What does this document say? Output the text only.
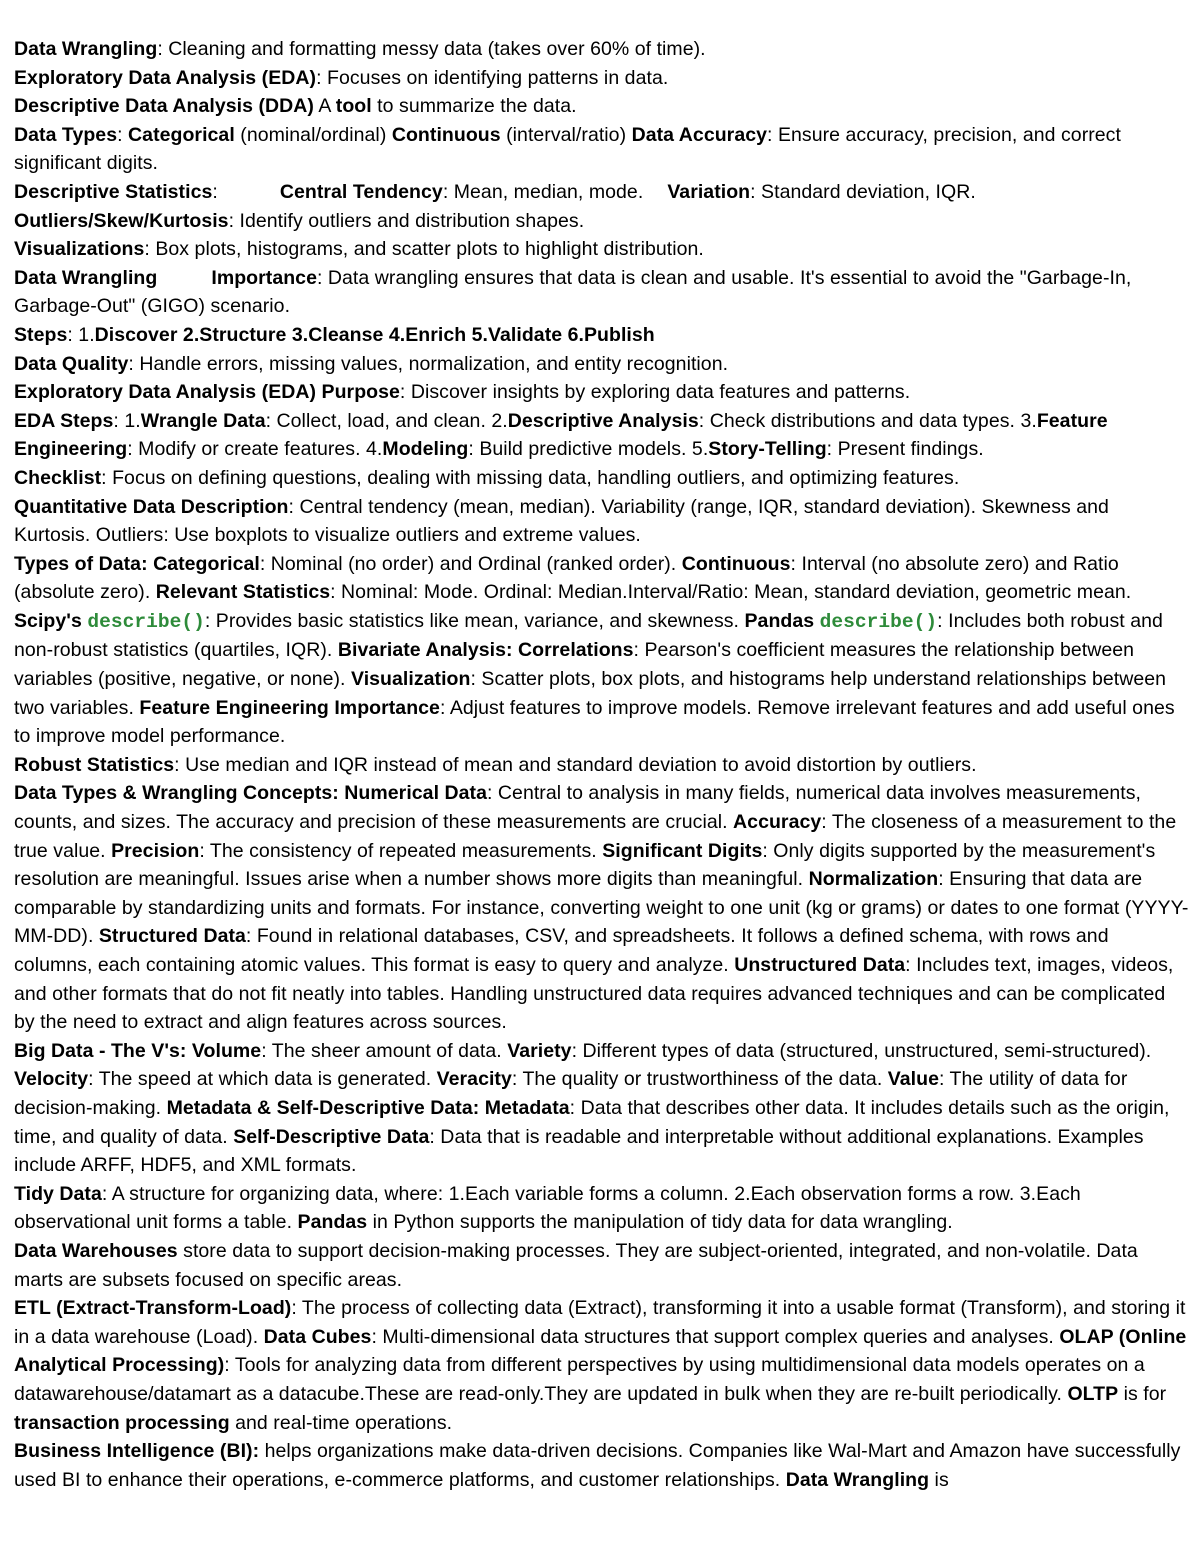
Data Wrangling: Cleaning and formatting messy data (takes over 60% of time).
Exploratory Data Analysis (EDA): Focuses on identifying patterns in data.
Descriptive Data Analysis (DDA) A tool to summarize the data.
Data Types: Categorical (nominal/ordinal) Continuous (interval/ratio) Data Accuracy: Ensure accuracy, precision, and correct significant digits.
Descriptive Statistics:	Central Tendency: Mean, median, mode. Variation: Standard deviation, IQR.
Outliers/Skew/Kurtosis: Identify outliers and distribution shapes.
Visualizations: Box plots, histograms, and scatter plots to highlight distribution.
Data Wrangling	Importance: Data wrangling ensures that data is clean and usable. It's essential to avoid the "Garbage-In, Garbage-Out" (GIGO) scenario.
Steps: 1.Discover 2.Structure 3.Cleanse 4.Enrich 5.Validate 6.Publish
Data Quality: Handle errors, missing values, normalization, and entity recognition.
Exploratory Data Analysis (EDA) Purpose: Discover insights by exploring data features and patterns.
EDA Steps: 1.Wrangle Data: Collect, load, and clean. 2.Descriptive Analysis: Check distributions and data types. 3.Feature Engineering: Modify or create features. 4.Modeling: Build predictive models. 5.Story-Telling: Present findings.
Checklist: Focus on defining questions, dealing with missing data, handling outliers, and optimizing features.
Quantitative Data Description: Central tendency (mean, median). Variability (range, IQR, standard deviation). Skewness and Kurtosis. Outliers: Use boxplots to visualize outliers and extreme values.
Types of Data: Categorical: Nominal (no order) and Ordinal (ranked order). Continuous: Interval (no absolute zero) and Ratio (absolute zero). Relevant Statistics: Nominal: Mode. Ordinal: Median.Interval/Ratio: Mean, standard deviation, geometric mean. Scipy's describe(): Provides basic statistics like mean, variance, and skewness. Pandas describe(): Includes both robust and non-robust statistics (quartiles, IQR). Bivariate Analysis: Correlations: Pearson's coefficient measures the relationship between variables (positive, negative, or none). Visualization: Scatter plots, box plots, and histograms help understand relationships between two variables. Feature Engineering Importance: Adjust features to improve models. Remove irrelevant features and add useful ones to improve model performance.
Robust Statistics: Use median and IQR instead of mean and standard deviation to avoid distortion by outliers.
Data Types & Wrangling Concepts: Numerical Data: Central to analysis in many fields, numerical data involves measurements, counts, and sizes. The accuracy and precision of these measurements are crucial. Accuracy: The closeness of a measurement to the true value. Precision: The consistency of repeated measurements. Significant Digits: Only digits supported by the measurement's resolution are meaningful. Issues arise when a number shows more digits than meaningful. Normalization: Ensuring that data are comparable by standardizing units and formats. For instance, converting weight to one unit (kg or grams) or dates to one format (YYYY-MM-DD). Structured Data: Found in relational databases, CSV, and spreadsheets. It follows a defined schema, with rows and columns, each containing atomic values. This format is easy to query and analyze. Unstructured Data: Includes text, images, videos, and other formats that do not fit neatly into tables. Handling unstructured data requires advanced techniques and can be complicated by the need to extract and align features across sources.
Big Data - The V's: Volume: The sheer amount of data. Variety: Different types of data (structured, unstructured, semi-structured). Velocity: The speed at which data is generated. Veracity: The quality or trustworthiness of the data. Value: The utility of data for decision-making. Metadata & Self-Descriptive Data: Metadata: Data that describes other data. It includes details such as the origin, time, and quality of data. Self-Descriptive Data: Data that is readable and interpretable without additional explanations. Examples include ARFF, HDF5, and XML formats.
Tidy Data: A structure for organizing data, where: 1.Each variable forms a column. 2.Each observation forms a row. 3.Each observational unit forms a table. Pandas in Python supports the manipulation of tidy data for data wrangling.
Data Warehouses store data to support decision-making processes. They are subject-oriented, integrated, and non-volatile. Data marts are subsets focused on specific areas.
ETL (Extract-Transform-Load): The process of collecting data (Extract), transforming it into a usable format (Transform), and storing it in a data warehouse (Load). Data Cubes: Multi-dimensional data structures that support complex queries and analyses. OLAP (Online Analytical Processing): Tools for analyzing data from different perspectives by using multidimensional data models operates on a datawarehouse/datamart as a datacube.These are read-only.They are updated in bulk when they are re-built periodically. OLTP is for transaction processing and real-time operations.
Business Intelligence (BI): helps organizations make data-driven decisions. Companies like Wal-Mart and Amazon have successfully used BI to enhance their operations, e-commerce platforms, and customer relationships. Data Wrangling is
